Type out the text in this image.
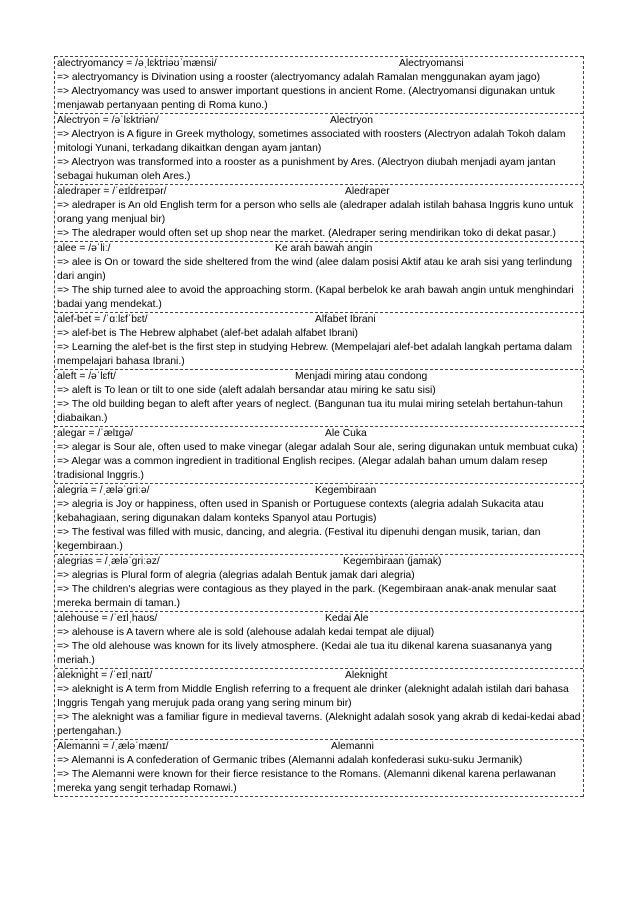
alectryomancy = /əˌlɛktriəʊˈmænsi/	Alectryomansi
=> alectryomancy is Divination using a rooster (alectryomancy adalah Ramalan menggunakan ayam jago)
=> Alectryomancy was used to answer important questions in ancient Rome. (Alectryomansi digunakan untuk menjawab pertanyaan penting di Roma kuno.)
Alectryon = /əˈlɛktriən/	Alectryon
=> Alectryon is A figure in Greek mythology, sometimes associated with roosters (Alectryon adalah Tokoh dalam mitologi Yunani, terkadang dikaitkan dengan ayam jantan)
=> Alectryon was transformed into a rooster as a punishment by Ares. (Alectryon diubah menjadi ayam jantan sebagai hukuman oleh Ares.)
aledraper = /ˈeɪldreɪpər/	Aledraper
=> aledraper is An old English term for a person who sells ale (aledraper adalah istilah bahasa Inggris kuno untuk orang yang menjual bir)
=> The aledraper would often set up shop near the market. (Aledraper sering mendirikan toko di dekat pasar.)
alee = /əˈliː/	Ke arah bawah angin
=> alee is On or toward the side sheltered from the wind (alee dalam posisi Aktif atau ke arah sisi yang terlindung dari angin)
=> The ship turned alee to avoid the approaching storm. (Kapal berbelok ke arah bawah angin untuk menghindari badai yang mendekat.)
alef-bet = /ˈɑːlɛfˈbɛt/	Alfabet Ibrani
=> alef-bet is The Hebrew alphabet (alef-bet adalah alfabet Ibrani)
=> Learning the alef-bet is the first step in studying Hebrew. (Mempelajari alef-bet adalah langkah pertama dalam mempelajari bahasa Ibrani.)
aleft = /əˈlɛft/	Menjadi miring atau condong
=> aleft is To lean or tilt to one side (aleft adalah bersandar atau miring ke satu sisi)
=> The old building began to aleft after years of neglect. (Bangunan tua itu mulai miring setelah bertahun-tahun diabaikan.)
alegar = /ˈælɪɡə/	Ale Cuka
=> alegar is Sour ale, often used to make vinegar (alegar adalah Sour ale, sering digunakan untuk membuat cuka)
=> Alegar was a common ingredient in traditional English recipes. (Alegar adalah bahan umum dalam resep tradisional Inggris.)
alegria = /ˌæləˈɡriːə/	Kegembiraan
=> alegria is Joy or happiness, often used in Spanish or Portuguese contexts (alegria adalah Sukacita atau kebahagiaan, sering digunakan dalam konteks Spanyol atau Portugis)
=> The festival was filled with music, dancing, and alegria. (Festival itu dipenuhi dengan musik, tarian, dan kegembiraan.)
alegrias = /ˌæləˈɡriːəz/	Kegembiraan (jamak)
=> alegrias is Plural form of alegria (alegrias adalah Bentuk jamak dari alegria)
=> The children's alegrias were contagious as they played in the park. (Kegembiraan anak-anak menular saat mereka bermain di taman.)
alehouse = /ˈeɪlˌhaʊs/	Kedai Ale
=> alehouse is A tavern where ale is sold (alehouse adalah kedai tempat ale dijual)
=> The old alehouse was known for its lively atmosphere. (Kedai ale tua itu dikenal karena suasananya yang meriah.)
aleknight = /ˈeɪlˌnaɪt/	Aleknight
=> aleknight is A term from Middle English referring to a frequent ale drinker (aleknight adalah istilah dari bahasa Inggris Tengah yang merujuk pada orang yang sering minum bir)
=> The aleknight was a familiar figure in medieval taverns. (Aleknight adalah sosok yang akrab di kedai-kedai abad pertengahan.)
Alemanni = /ˌæləˈmænɪ/	Alemanni
=> Alemanni is A confederation of Germanic tribes (Alemanni adalah konfederasi suku-suku Jermanik)
=> The Alemanni were known for their fierce resistance to the Romans. (Alemanni dikenal karena perlawanan mereka yang sengit terhadap Romawi.)
